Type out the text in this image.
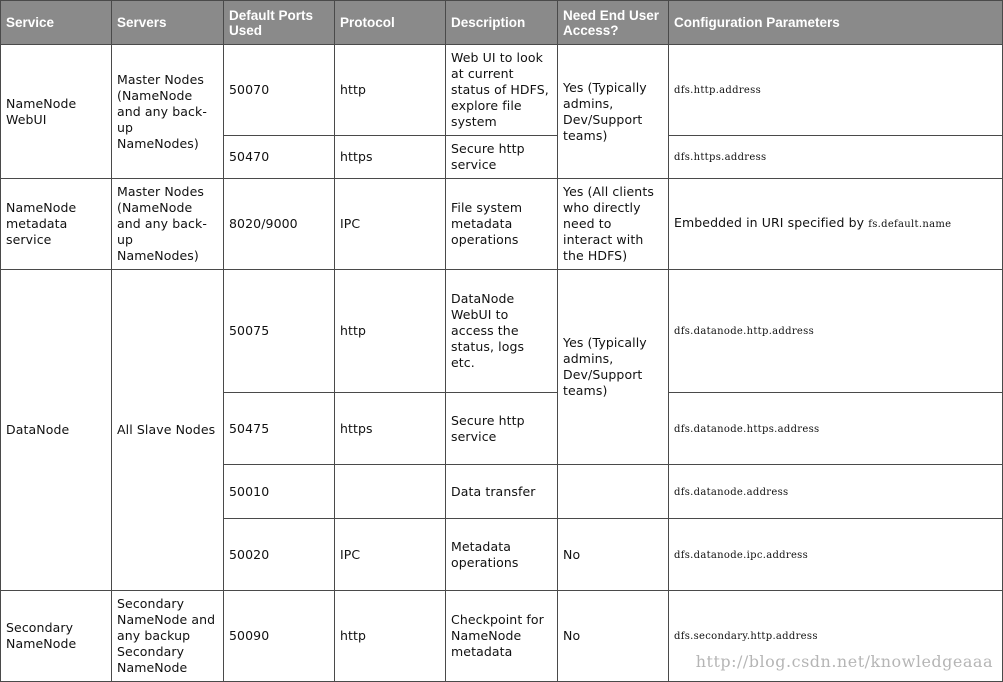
Service	Servers	Default Ports Used	Protocol	Description	Need End User Access?	Configuration Parameters
NameNode WebUI	Master Nodes (NameNode and any back-up NameNodes)	50070	http	Web UI to look at current status of HDFS, explore file system	Yes (Typically admins, Dev/Support teams)	dfs.http.address
		50470	https	Secure http service		dfs.https.address
NameNode metadata service	Master Nodes (NameNode and any back-up NameNodes)	8020/9000	IPC	File system metadata operations	Yes (All clients who directly need to interact with the HDFS)	Embedded in URI specified by fs.default.name
DataNode	All Slave Nodes	50075	http	DataNode WebUI to access the status, logs etc.	Yes (Typically admins, Dev/Support teams)	dfs.datanode.http.address
		50475	https	Secure http service		dfs.datanode.https.address
		50010		Data transfer		dfs.datanode.address
		50020	IPC	Metadata operations	No	dfs.datanode.ipc.address
Secondary NameNode	Secondary NameNode and any backup Secondary NameNode	50090	http	Checkpoint for NameNode metadata	No	dfs.secondary.http.address
http://blog.csdn.net/knowledgeaaa
